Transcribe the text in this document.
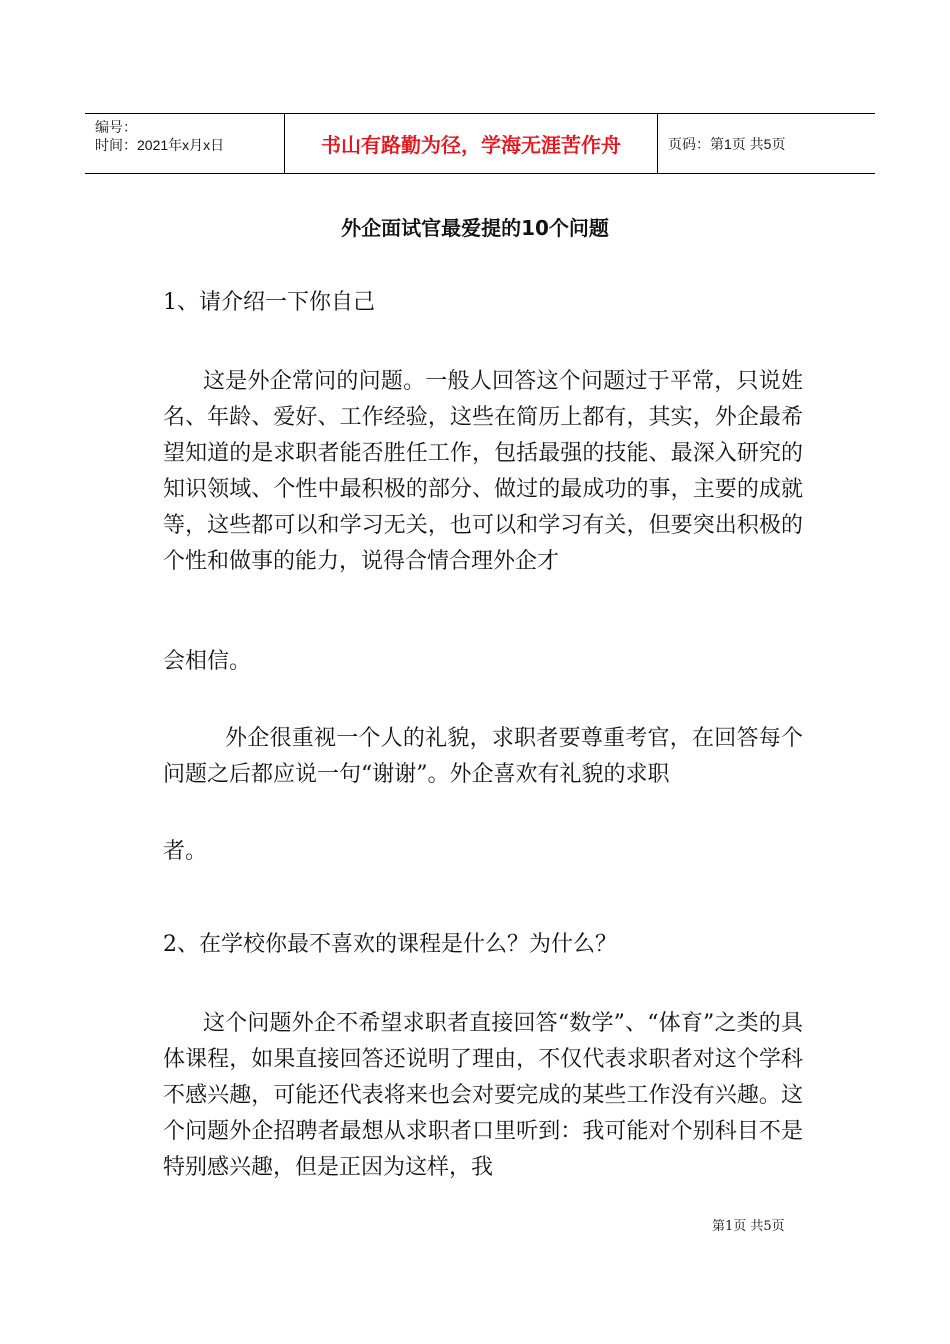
编号：
时间：2021年x月x日	书山有路勤为径，学海无涯苦作舟	页码：第1页 共5页
外企面试官最爱提的10个问题

1、请介绍一下你自己

这是外企常问的问题。一般人回答这个问题过于平常，只说姓名、年龄、爱好、工作经验，这些在简历上都有，其实，外企最希望知道的是求职者能否胜任工作，包括最强的技能、最深入研究的知识领域、个性中最积极的部分、做过的最成功的事，主要的成就等，这些都可以和学习无关，也可以和学习有关，但要突出积极的个性和做事的能力，说得合情合理外企才

会相信。

外企很重视一个人的礼貌，求职者要尊重考官，在回答每个问题之后都应说一句“谢谢”。外企喜欢有礼貌的求职

者。

2、在学校你最不喜欢的课程是什么？为什么？

这个问题外企不希望求职者直接回答“数学”、“体育”之类的具体课程，如果直接回答还说明了理由，不仅代表求职者对这个学科不感兴趣，可能还代表将来也会对要完成的某些工作没有兴趣。这个问题外企招聘者最想从求职者口里听到：我可能对个别科目不是特别感兴趣，但是正因为这样，我

第1页 共5页
